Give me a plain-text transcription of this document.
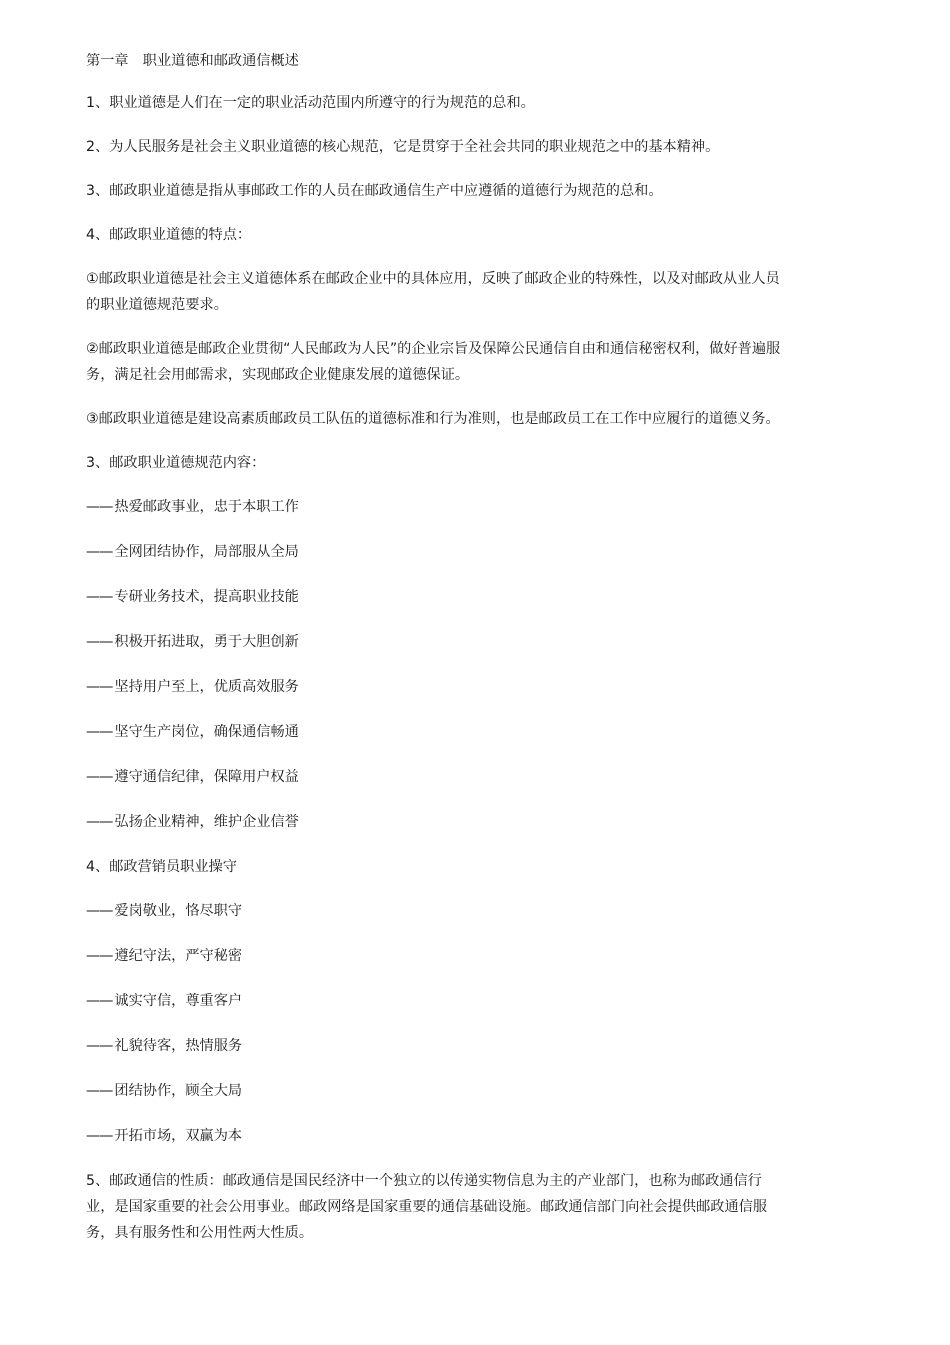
第一章　职业道德和邮政通信概述

1、职业道德是人们在一定的职业活动范围内所遵守的行为规范的总和。

2、为人民服务是社会主义职业道德的核心规范，它是贯穿于全社会共同的职业规范之中的基本精神。

3、邮政职业道德是指从事邮政工作的人员在邮政通信生产中应遵循的道德行为规范的总和。

4、邮政职业道德的特点：

①邮政职业道德是社会主义道德体系在邮政企业中的具体应用，反映了邮政企业的特殊性，以及对邮政从业人员的职业道德规范要求。

②邮政职业道德是邮政企业贯彻“人民邮政为人民”的企业宗旨及保障公民通信自由和通信秘密权利，做好普遍服务，满足社会用邮需求，实现邮政企业健康发展的道德保证。

③邮政职业道德是建设高素质邮政员工队伍的道德标准和行为准则，也是邮政员工在工作中应履行的道德义务。

3、邮政职业道德规范内容：

—— 热爱邮政事业，忠于本职工作

—— 全网团结协作，局部服从全局

—— 专研业务技术，提高职业技能

—— 积极开拓进取，勇于大胆创新

—— 坚持用户至上，优质高效服务

—— 坚守生产岗位，确保通信畅通

—— 遵守通信纪律，保障用户权益

—— 弘扬企业精神，维护企业信誉

4、邮政营销员职业操守

—— 爱岗敬业，恪尽职守

—— 遵纪守法，严守秘密

—— 诚实守信，尊重客户

—— 礼貌待客，热情服务

—— 团结协作，顾全大局

—— 开拓市场，双赢为本

5、邮政通信的性质：邮政通信是国民经济中一个独立的以传递实物信息为主的产业部门，也称为邮政通信行业，是国家重要的社会公用事业。邮政网络是国家重要的通信基础设施。邮政通信部门向社会提供邮政通信服务，具有服务性和公用性两大性质。
